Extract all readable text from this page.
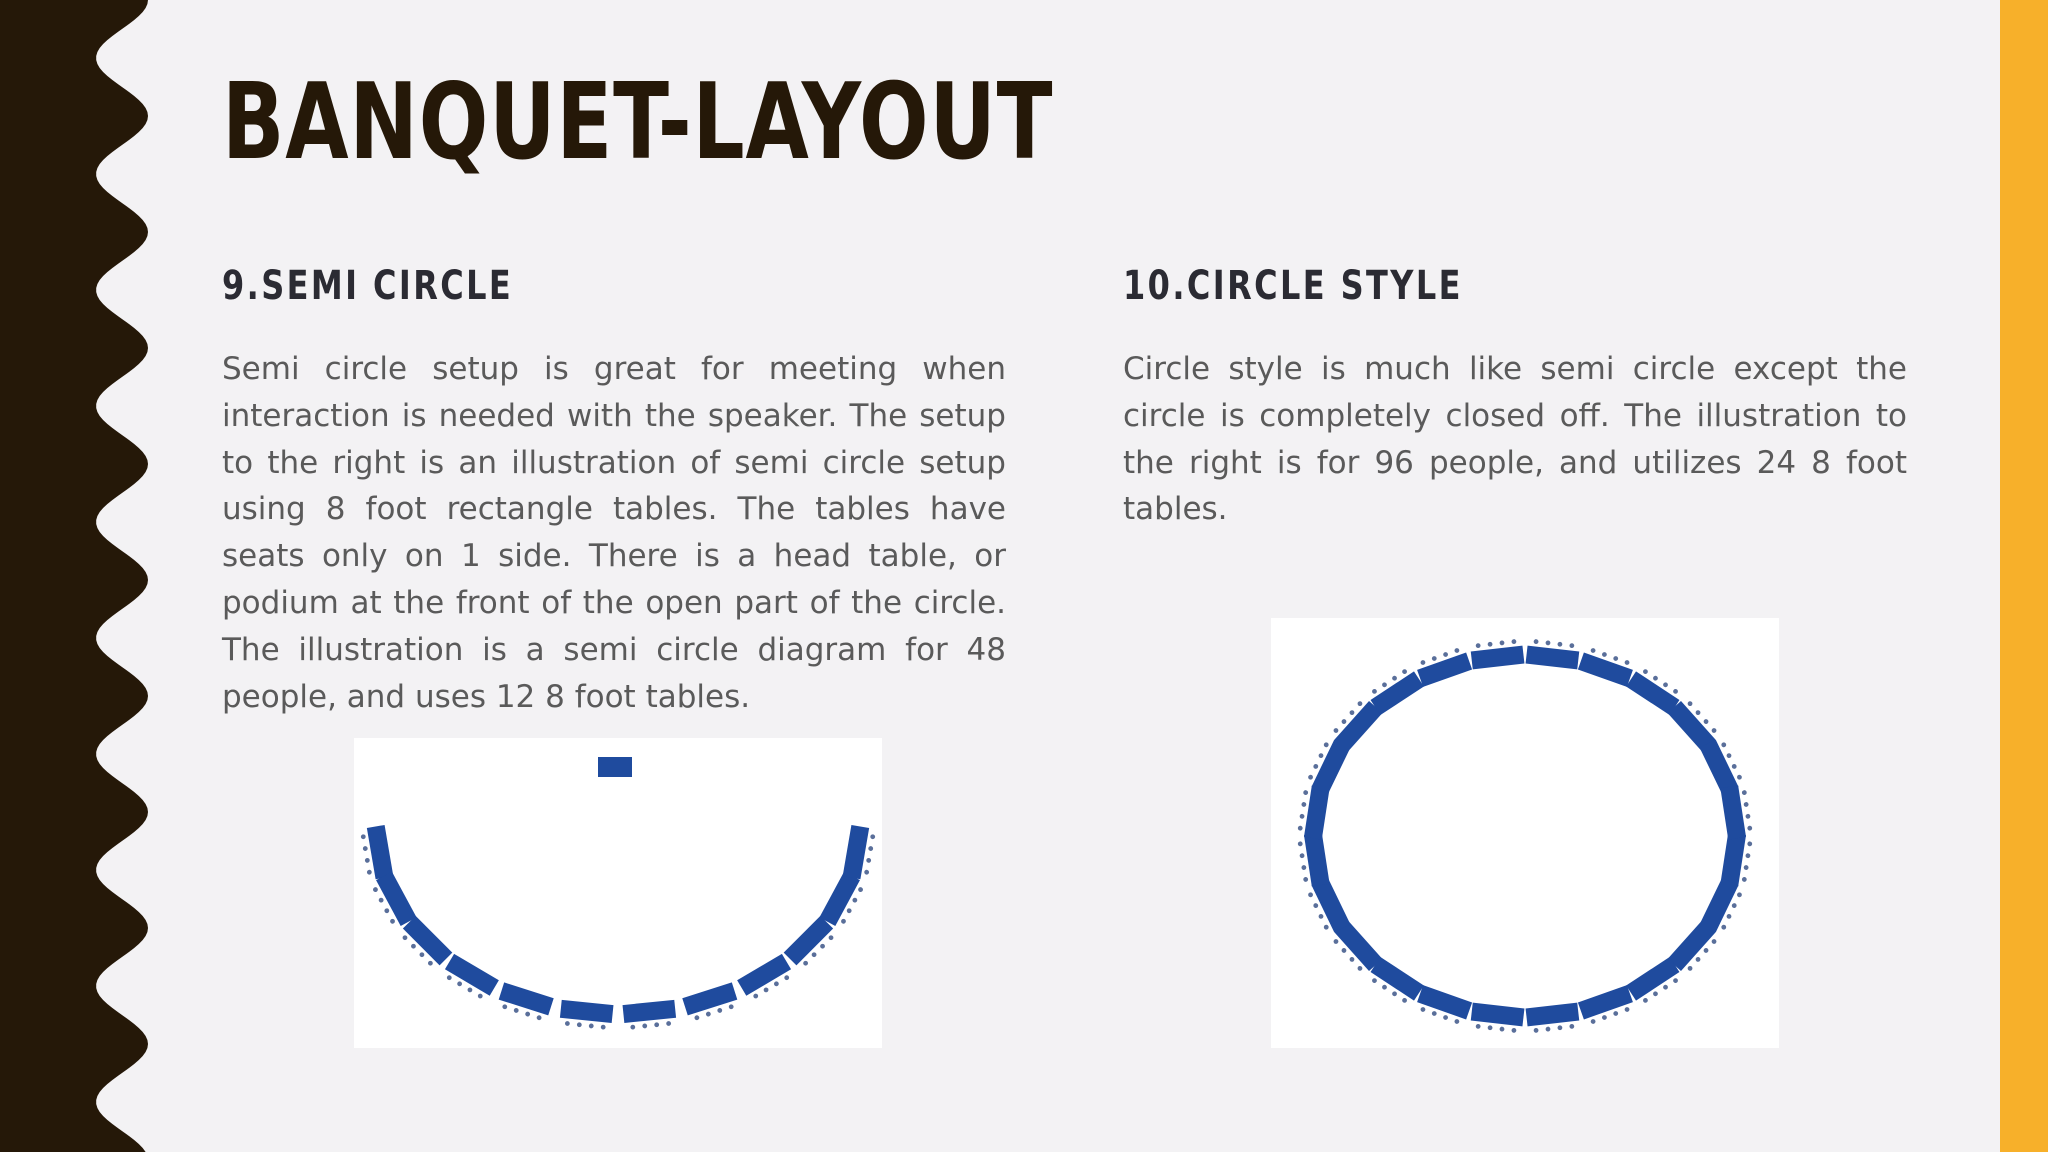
BANQUET-LAYOUT
9.SEMI CIRCLE

Semi circle setup is great for meeting when interaction is needed with the speaker. The setup to the right is an illustration of semi circle setup using 8 foot rectangle tables. The tables have seats only on 1 side. There is a head table, or podium at the front of the open part of the circle. The illustration is a semi circle diagram for 48 people, and uses 12 8 foot tables.

10.CIRCLE STYLE

Circle style is much like semi circle except the circle is completely closed off. The illustration to the right is for 96 people, and utilizes 24 8 foot tables.
